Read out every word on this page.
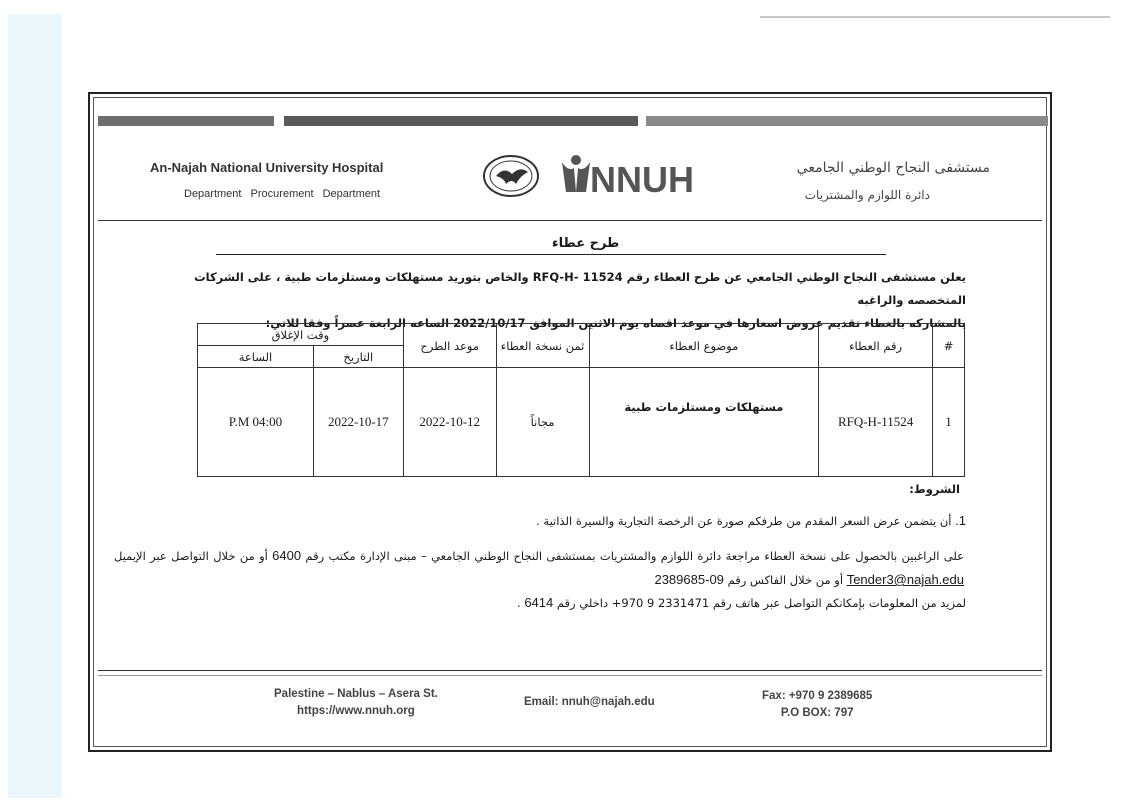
An-Najah National University Hospital
Department Procurement Department	NNUH	مستشفى النجاح الوطني الجامعي
دائرة اللوازم والمشتريات
طرح عطاء
يعلن مستشفى النجاح الوطني الجامعي عن طرح العطاء رقم RFQ-H- 11524 والخاص بتوريد مستهلكات ومستلزمات طبية ، على الشركات المتخصصه والراغبه
بالمشاركه بالعطاء تقديم عروض اسعارها في موعد اقصاه يوم الاثنين الموافق 2022/10/17 الساعه الرابعة عصراً وفقا للاتي:
#	رقم العطاء	موضوع العطاء	ثمن نسخة العطاء	موعد الطرح	وقت الإغلاق	
					التاريخ	الساعة
1	RFQ-H-11524	مستهلكات ومستلزمات طبية	مجاناً	2022-10-12	2022-10-17	P.M 04:00
الشروط:
1. أن يتضمن عرض السعر المقدم من طرفكم صورة عن الرخصة التجارية والسيرة الذاتية .
على الراغبين بالحصول على نسخة العطاء مراجعة دائرة اللوازم والمشتريات بمستشفى النجاح الوطني الجامعي – مبنى الإدارة مكتب رقم 6400 أو من خلال التواصل عبر الإيميل Tender3@najah.edu أو من خلال الفاكس رقم 09-2389685
لمزيد من المعلومات بإمكانكم التواصل عبر هاتف رقم 2331471 9 970+ داخلي رقم 6414 .
Palestine – Nablus – Asera St.
https://www.nnuh.org
Email: nnuh@najah.edu	Fax: +970 9 2389685
P.O BOX: 797
